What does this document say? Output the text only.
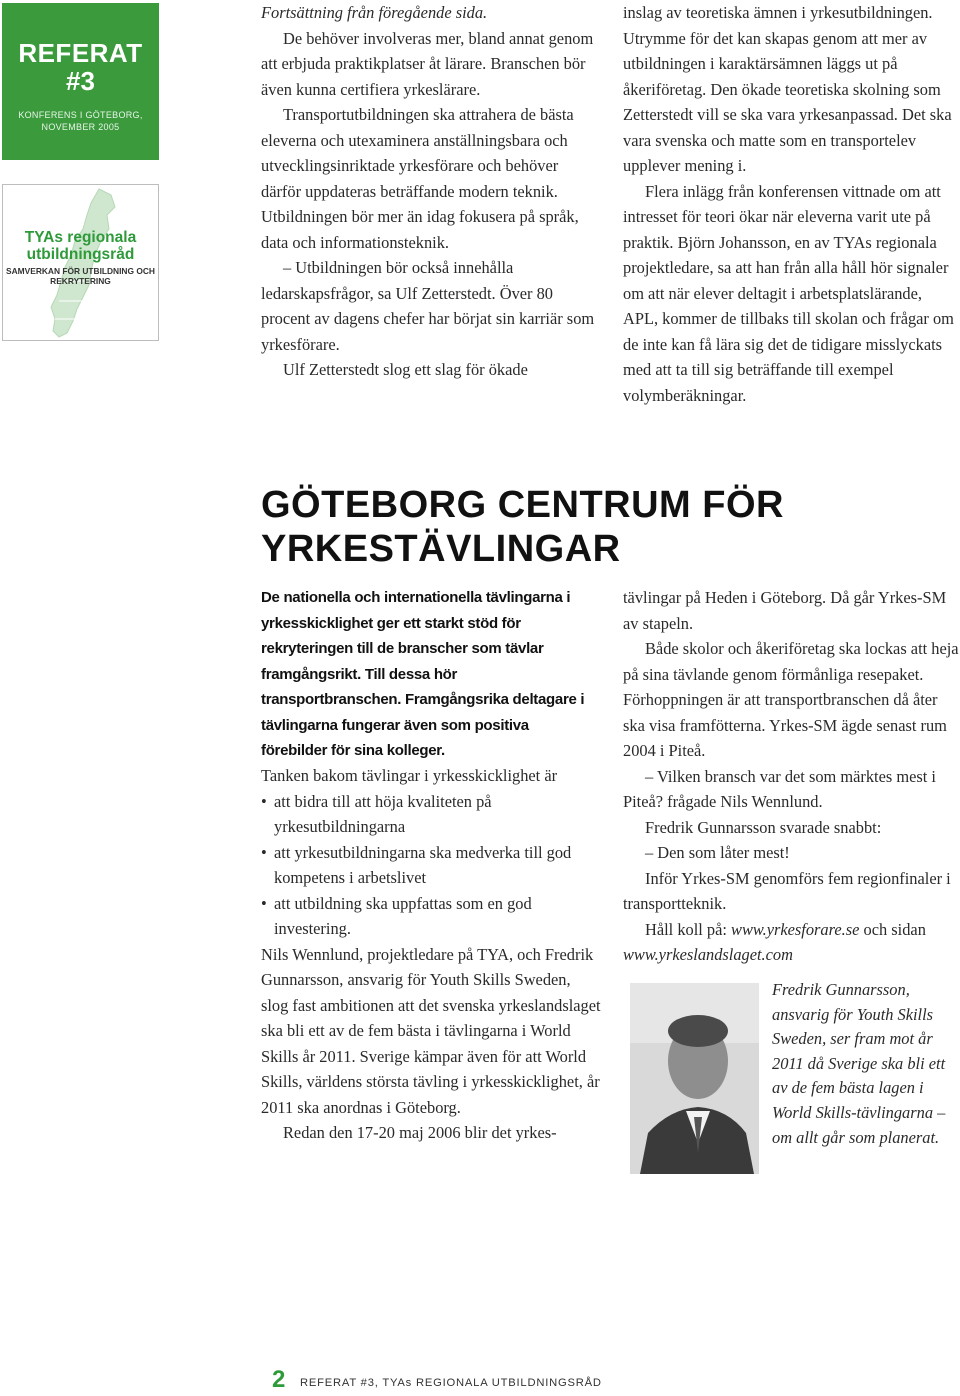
REFERAT
#3
KONFERENS I GÖTEBORG, NOVEMBER 2005
TYAs regionala utbildningsråd
SAMVERKAN FÖR UTBILDNING OCH REKRYTERING

Fortsättning från föregående sida.

De behöver involveras mer, bland annat genom att erbjuda praktikplatser åt lärare. Branschen bör även kunna certifiera yrkeslärare.

Transportutbildningen ska attrahera de bästa eleverna och utexaminera anställningsbara och utvecklingsinriktade yrkesförare och behöver därför uppdateras beträffande modern teknik. Utbildningen bör mer än idag fokusera på språk, data och informationsteknik.

– Utbildningen bör också innehålla ledarskapsfrågor, sa Ulf Zetterstedt. Över 80 procent av dagens chefer har börjat sin karriär som yrkesförare.

Ulf Zetterstedt slog ett slag för ökade

inslag av teoretiska ämnen i yrkesutbildningen. Utrymme för det kan skapas genom att mer av utbildningen i karaktärsämnen läggs ut på åkeriföretag. Den ökade teoretiska skolning som Zetterstedt vill se ska vara yrkesanpassad. Det ska vara svenska och matte som en transportelev upplever mening i.

Flera inlägg från konferensen vittnade om att intresset för teori ökar när eleverna varit ute på praktik. Björn Johansson, en av TYAs regionala projektledare, sa att han från alla håll hör signaler om att när elever deltagit i arbetsplatslärande, APL, kommer de tillbaks till skolan och frågar om de inte kan få lära sig det de tidigare misslyckats med att ta till sig beträffande till exempel volymberäkningar.

GÖTEBORG CENTRUM FÖR
YRKESTÄVLINGAR
De nationella och internationella tävlingarna i yrkesskicklighet ger ett starkt stöd för rekryteringen till de branscher som tävlar framgångsrikt. Till dessa hör transportbranschen. Framgångsrika deltagare i tävlingarna fungerar även som positiva förebilder för sina kolleger.

Tanken bakom tävlingar i yrkesskicklighet är

• att bidra till att höja kvaliteten på yrkesutbildningarna
• att yrkesutbildningarna ska medverka till god kompetens i arbetslivet
• att utbildning ska uppfattas som en god investering.

Nils Wennlund, projektledare på TYA, och Fredrik Gunnarsson, ansvarig för Youth Skills Sweden, slog fast ambitionen att det svenska yrkeslandslaget ska bli ett av de fem bästa i tävlingarna i World Skills år 2011. Sverige kämpar även för att World Skills, världens största tävling i yrkesskicklighet, år 2011 ska anordnas i Göteborg.

Redan den 17-20 maj 2006 blir det yrkes-

tävlingar på Heden i Göteborg. Då går Yrkes-SM av stapeln.

Både skolor och åkeriföretag ska lockas att heja på sina tävlande genom förmånliga resepaket. Förhoppningen är att transportbranschen då åter ska visa framfötterna. Yrkes-SM ägde senast rum 2004 i Piteå.

– Vilken bransch var det som märktes mest i Piteå? frågade Nils Wennlund.

Fredrik Gunnarsson svarade snabbt:

– Den som låter mest!

Inför Yrkes-SM genomförs fem regionfinaler i transportteknik.

Håll koll på: www.yrkesforare.se och sidan www.yrkeslandslaget.com

Fredrik Gunnarsson, ansvarig för Youth Skills Sweden, ser fram mot år 2011 då Sverige ska bli ett av de fem bästa lagen i World Skills-tävlingarna – om allt går som planerat.
2 REFERAT #3, TYAs REGIONALA UTBILDNINGSRÅD
